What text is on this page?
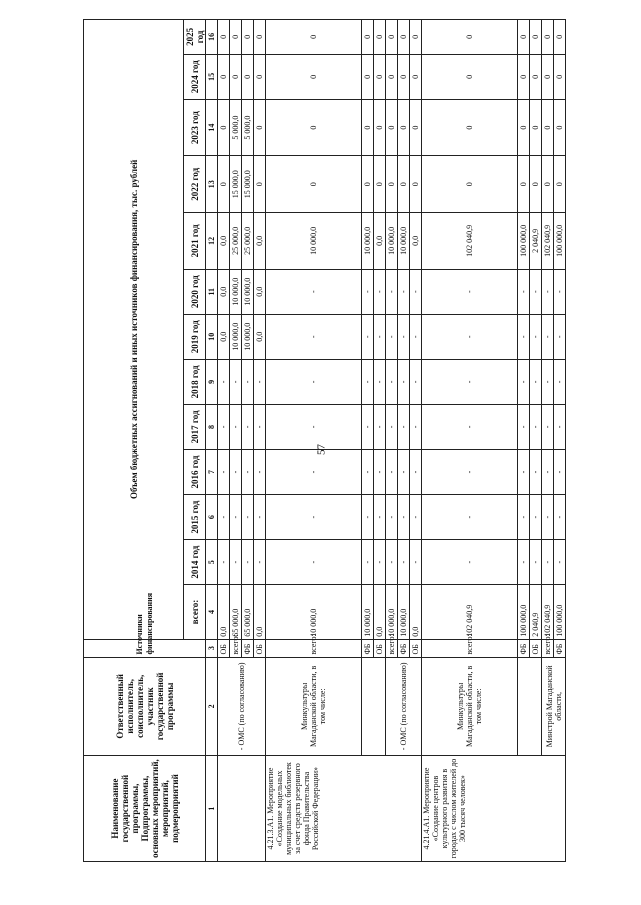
57
Наименование государственной программы, Подпрограммы, основных мероприятий, мероприятий, подмероприятий	Ответственный исполнитель, соисполнитель, участник государственной программы	Источники финансирования	Объем бюджетных ассигнований и иных источников финансирования, тыс. рублей												
			всего:	2014 год	2015 год	2016 год	2017 год	2018 год	2019 год	2020 год	2021 год	2022 год	2023 год	2024 год	2025 год
1	2	3	4	5	6	7	8	9	10	11	12	13	14	15	16
	- ОМС (по согласованию)	ОБ	0,0	-	-	-	-	-	0,0	0,0	0,0	0	0	0	0
		всего:	65 000,0	-	-	-	-	-	10 000,0	10 000,0	25 000,0	15 000,0	5 000,0	0	0
		ФБ	65 000,0	-	-	-	-	-	10 000,0	10 000,0	25 000,0	15 000,0	5 000,0	0	0
		ОБ	0,0	-	-	-	-	-	0,0	0,0	0,0	0	0	0	0
4.21.3.А1. Мероприятие «Создание модельных муниципальных библиотек за счет средств резервного фонда Правительства Российской Федерации»	Минкультуры Магаданской области, в том числе:	всего:	10 000,0	-	-	-	-	-	-	-	10 000,0	0	0	0	0
		ФБ	10 000,0	-	-	-	-	-	-	-	10 000,0	0	0	0	0
		ОБ	0,0	-	-	-	-	-	-	-	0,0	0	0	0	0
	- ОМС (по согласованию)	всего:	10 000,0	-	-	-	-	-	-	-	10 000,0	0	0	0	0
		ФБ	10 000,0	-	-	-	-	-	-	-	10 000,0	0	0	0	0
		ОБ	0,0	-	-	-	-	-	-	-	0,0	0	0	0	0
4.21.4.А1. Мероприятие «Создание центров культурного развития в городах с числом жителей до 300 тысяч человек»	Минкультуры Магаданской области, в том числе:	всего:	102 040,9	-	-	-	-	-	-	-	102 040,9	0	0	0	0
		ФБ	100 000,0	-	-	-	-	-	-	-	100 000,0	0	0	0	0
		ОБ	2 040,9	-	-	-	-	-	-	-	2 040,9	0	0	0	0
	Минстрой Магаданской области,	всего:	102 040,9	-	-	-	-	-	-	-	102 040,9	0	0	0	0
		ФБ	100 000,0	-	-	-	-	-	-	-	100 000,0	0	0	0	0
